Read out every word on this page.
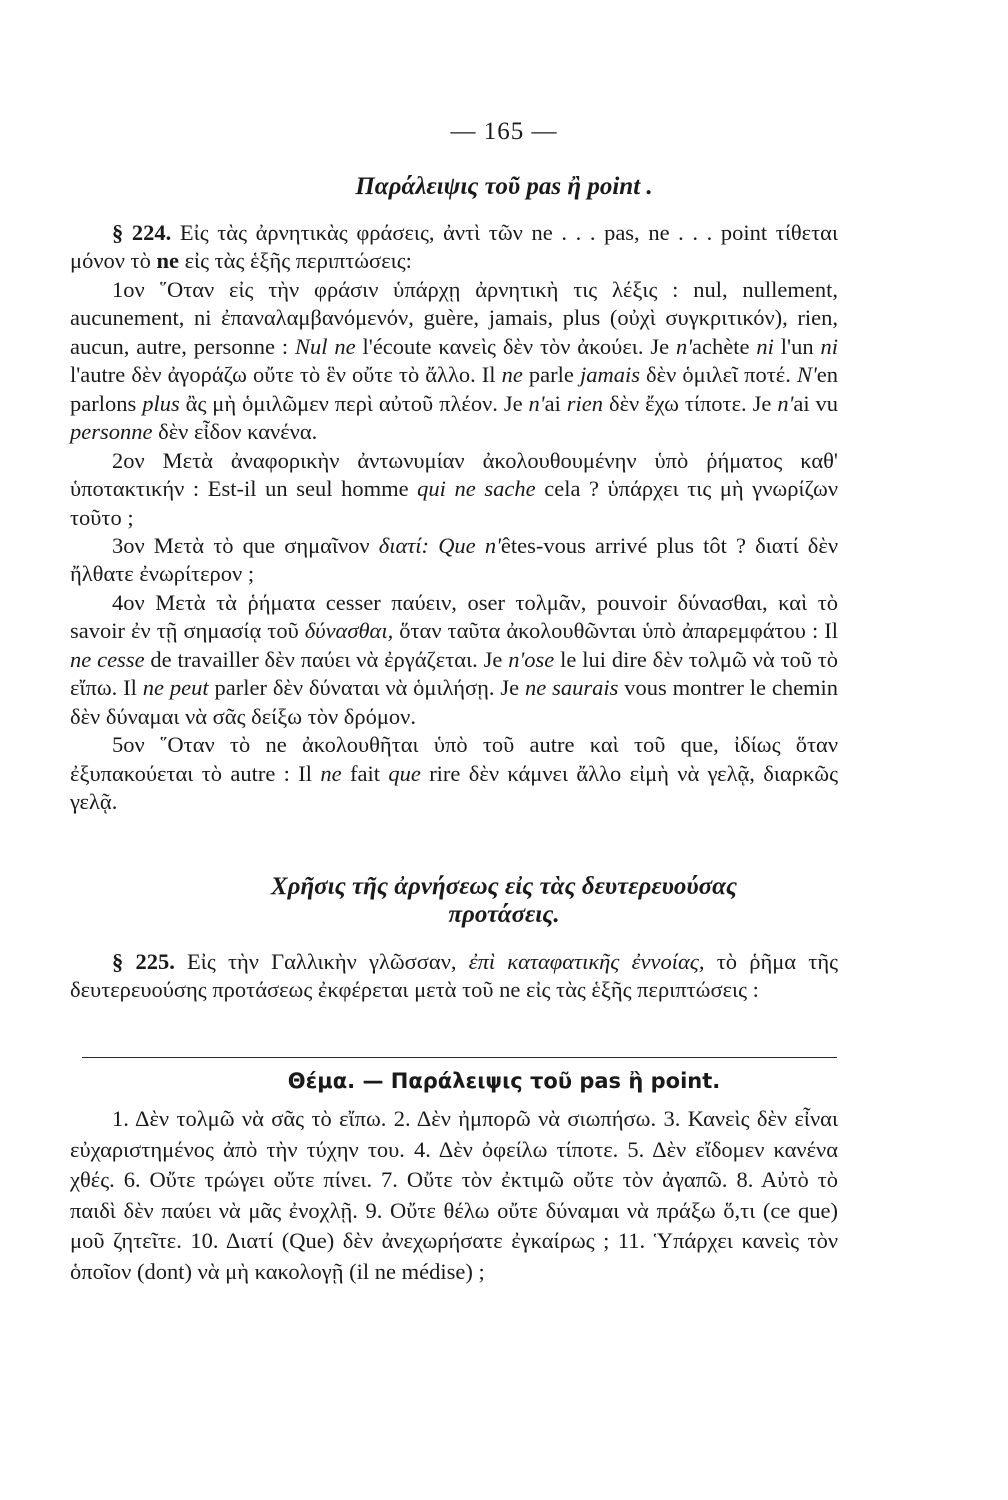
— 165 —
Παράλειψις τοῦ pas ἢ point .

§ 224. Εἰς τὰς ἀρνητικὰς φράσεις, ἀντὶ τῶν ne . . . pas, ne . . . point τίθεται μόνον τὸ ne εἰς τὰς ἑξῆς περιπτώσεις:

1ον ῞Οταν εἰς τὴν φράσιν ὑπάρχῃ ἀρνητικὴ τις λέξις : nul, nullement, aucunement, ni ἐπαναλαμβανόμενόν, guère, jamais, plus (οὐχὶ συγκριτικόν), rien, aucun, autre, personne : Nul ne l'écoute κανεὶς δὲν τὸν ἀκούει. Je n'achète ni l'un ni l'autre δὲν ἀγοράζω οὔτε τὸ ἓν οὔτε τὸ ἄλλο. Il ne parle jamais δὲν ὁμιλεῖ ποτέ. N'en parlons plus ἂς μὴ ὁμιλῶμεν περὶ αὐτοῦ πλέον. Je n'ai rien δὲν ἔχω τίποτε. Je n'ai vu personne δὲν εἶδον κανένα.

2ον Μετὰ ἀναφορικὴν ἀντωνυμίαν ἀκολουθουμένην ὑπὸ ῥήματος καθ' ὑποτακτικήν : Est-il un seul homme qui ne sache cela ? ὑπάρχει τις μὴ γνωρίζων τοῦτο ;

3ον Μετὰ τὸ que σημαῖνον διατί: Que n'êtes-vous arrivé plus tôt ? διατί δὲν ἤλθατε ἐνωρίτερον ;

4ον Μετὰ τὰ ῥήματα cesser παύειν, oser τολμᾶν, pouvoir δύνασθαι, καὶ τὸ savoir ἐν τῇ σημασίᾳ τοῦ δύνασθαι, ὅταν ταῦτα ἀκολουθῶνται ὑπὸ ἀπαρεμφάτου : Il ne cesse de travailler δὲν παύει νὰ ἐργάζεται. Je n'ose le lui dire δὲν τολμῶ νὰ τοῦ τὸ εἴπω. Il ne peut parler δὲν δύναται νὰ ὁμιλήσῃ. Je ne saurais vous montrer le chemin δὲν δύναμαι νὰ σᾶς δείξω τὸν δρόμον.

5ον ῞Οταν τὸ ne ἀκολουθῆται ὑπὸ τοῦ autre καὶ τοῦ que, ἰδίως ὅταν ἐξυπακούεται τὸ autre : Il ne fait que rire δὲν κάμνει ἄλλο εἰμὴ νὰ γελᾷ, διαρκῶς γελᾷ.

Χρῆσις τῆς ἀρνήσεως εἰς τὰς δευτερευούσας
προτάσεις.

§ 225. Εἰς τὴν Γαλλικὴν γλῶσσαν, ἐπὶ καταφατικῆς ἐννοίας, τὸ ῥῆμα τῆς δευτερευούσης προτάσεως ἐκφέρεται μετὰ τοῦ ne εἰς τὰς ἑξῆς περιπτώσεις :

Θέμα. — Παράλειψις τοῦ pas ἢ point.

1. Δὲν τολμῶ νὰ σᾶς τὸ εἴπω. 2. Δὲν ἠμπορῶ νὰ σιωπήσω. 3. Κανεὶς δὲν εἶναι εὐχαριστημένος ἀπὸ τὴν τύχην του. 4. Δὲν ὀφείλω τίποτε. 5. Δὲν εἴδομεν κανένα χθές. 6. Οὔτε τρώγει οὔτε πίνει. 7. Οὔτε τὸν ἐκτιμῶ οὔτε τὸν ἀγαπῶ. 8. Αὐτὸ τὸ παιδὶ δὲν παύει νὰ μᾶς ἐνοχλῇ. 9. Οὔτε θέλω οὔτε δύναμαι νὰ πράξω ὅ,τι (ce que) μοῦ ζητεῖτε. 10. Διατί (Que) δὲν ἀνεχωρήσατε ἐγκαίρως ; 11. Ὑπάρχει κανεὶς τὸν ὁποῖον (dont) νὰ μὴ κακολογῇ (il ne médise) ;
